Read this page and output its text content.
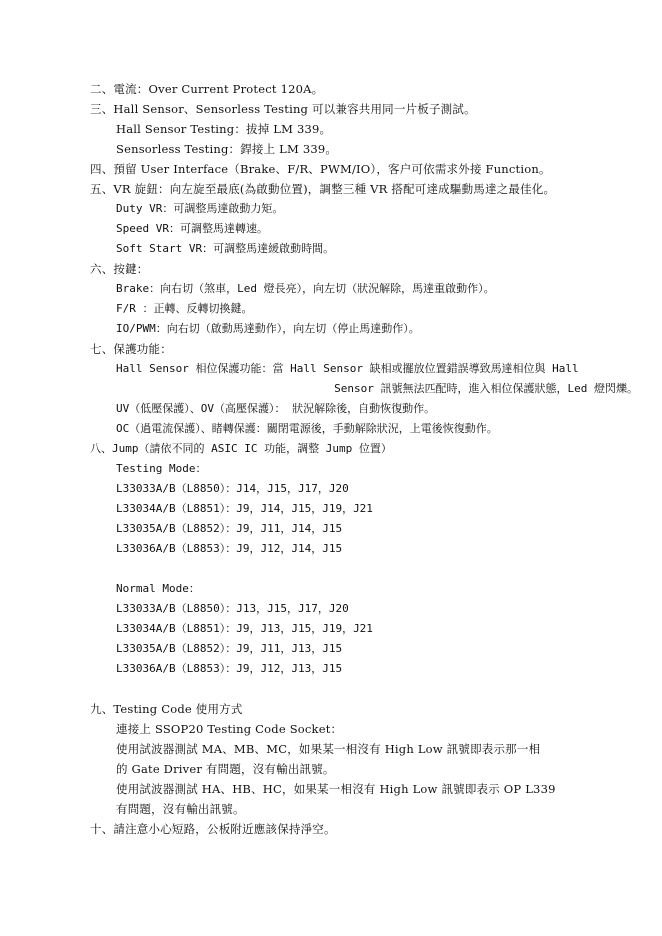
二、電流：Over Current Protect 120A。
三、Hall Sensor、Sensorless Testing 可以兼容共用同一片板子測試。
Hall Sensor Testing：拔掉 LM 339。
Sensorless Testing：銲接上 LM 339。
四、預留 User Interface（Brake、F/R、PWM/IO），客户可依需求外接 Function。
五、VR 旋鈕：向左旋至最底(為啟動位置)，調整三種 VR 搭配可達成驅動馬達之最佳化。
Duty VR：可調整馬達啟動力矩。
Speed VR：可調整馬達轉速。
Soft Start VR：可調整馬達緩啟動時間。
六、按鍵：
Brake：向右切（煞車，Led 燈長亮），向左切（狀況解除，馬達重啟動作）。
F/R ：正轉、反轉切換鍵。
IO/PWM：向右切（啟動馬達動作），向左切（停止馬達動作）。
七、保護功能：
Hall Sensor 相位保護功能：當 Hall Sensor 缺相或擺放位置錯誤導致馬達相位與 Hall
Sensor 訊號無法匹配時，進入相位保護狀態，Led 燈閃爍。
UV（低壓保護）、OV（高壓保護）： 狀況解除後，自動恢復動作。
OC（過電流保護）、睹轉保護：關閉電源後，手動解除狀況，上電後恢復動作。
八、Jump（請依不同的 ASIC IC 功能，調整 Jump 位置）
Testing Mode：
L33033A/B（L8850）：J14，J15，J17，J20
L33034A/B（L8851）：J9，J14，J15，J19，J21
L33035A/B（L8852）：J9，J11，J14，J15
L33036A/B（L8853）：J9，J12，J14，J15
Normal Mode：
L33033A/B（L8850）：J13，J15，J17，J20
L33034A/B（L8851）：J9，J13，J15，J19，J21
L33035A/B（L8852）：J9，J11，J13，J15
L33036A/B（L8853）：J9，J12，J13，J15
九、Testing Code 使用方式
連接上 SSOP20 Testing Code Socket：
使用試波器測試 MA、MB、MC，如果某一相沒有 High Low 訊號即表示那一相
的 Gate Driver 有問題，沒有輸出訊號。
使用試波器測試 HA、HB、HC，如果某一相沒有 High Low 訊號即表示 OP L339
有問題，沒有輸出訊號。
十、請注意小心短路，公板附近應該保持淨空。
